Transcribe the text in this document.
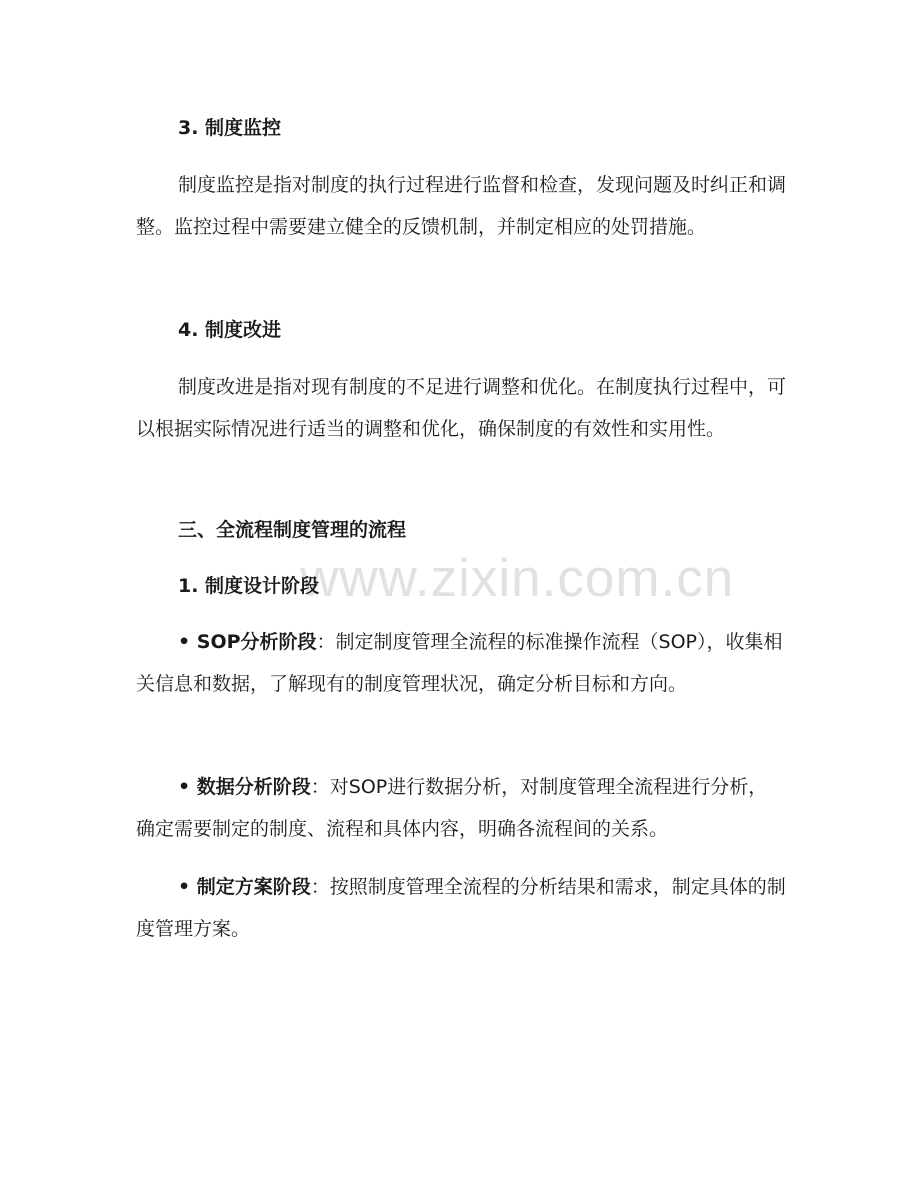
www.zixin.com.cn
3. 制度监控

制度监控是指对制度的执行过程进行监督和检查，发现问题及时纠正和调整。监控过程中需要建立健全的反馈机制，并制定相应的处罚措施。

4. 制度改进

制度改进是指对现有制度的不足进行调整和优化。在制度执行过程中，可以根据实际情况进行适当的调整和优化，确保制度的有效性和实用性。

三、全流程制度管理的流程
1. 制度设计阶段

• SOP分析阶段：制定制度管理全流程的标准操作流程（SOP），收集相关信息和数据，了解现有的制度管理状况，确定分析目标和方向。

• 数据分析阶段：对SOP进行数据分析，对制度管理全流程进行分析，确定需要制定的制度、流程和具体内容，明确各流程间的关系。

• 制定方案阶段：按照制度管理全流程的分析结果和需求，制定具体的制度管理方案。
